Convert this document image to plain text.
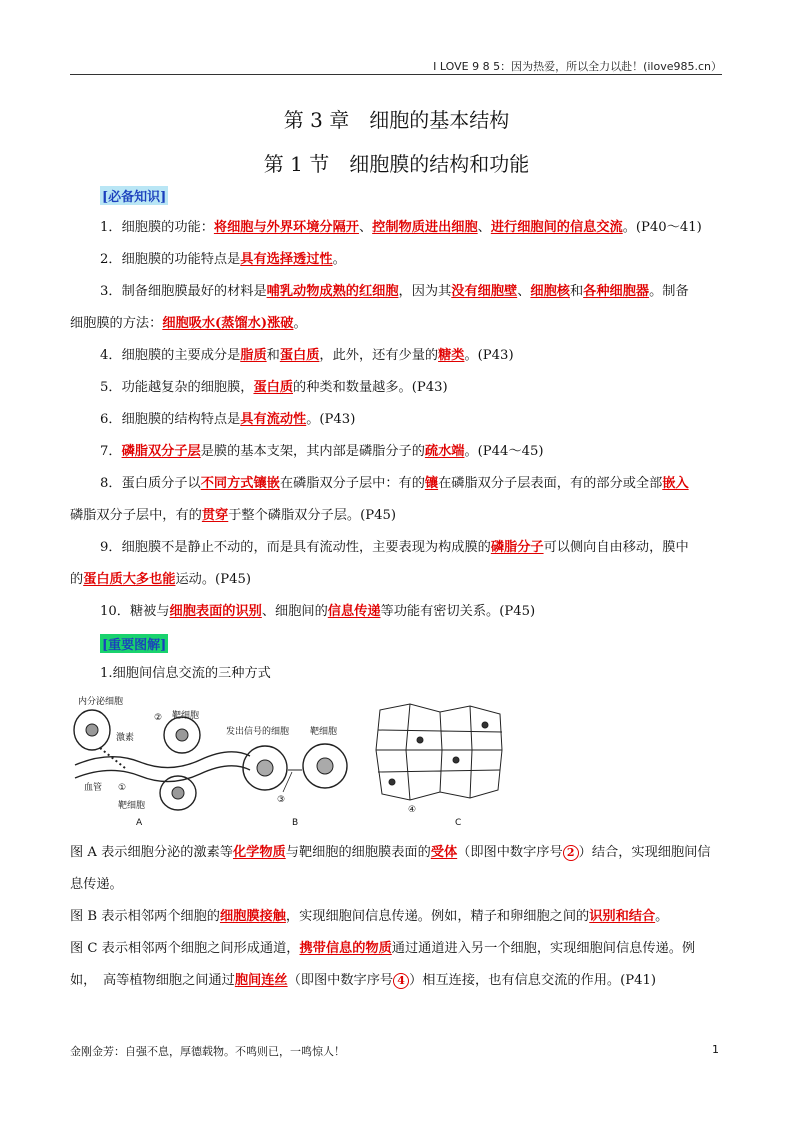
I LOVE 9 8 5：因为热爱，所以全力以赴！(ilove985.cn）
第 3 章　细胞的基本结构
第 1 节　细胞膜的结构和功能
[必备知识]
1．细胞膜的功能：将细胞与外界环境分隔开、控制物质进出细胞、进行细胞间的信息交流。(P40～41)
2．细胞膜的功能特点是具有选择透过性。
3．制备细胞膜最好的材料是哺乳动物成熟的红细胞，因为其没有细胞壁、细胞核和各种细胞器。制备
细胞膜的方法：细胞吸水(蒸馏水)涨破。
4．细胞膜的主要成分是脂质和蛋白质，此外，还有少量的糖类。(P43)
5．功能越复杂的细胞膜，蛋白质的种类和数量越多。(P43)
6．细胞膜的结构特点是具有流动性。(P43)
7．磷脂双分子层是膜的基本支架，其内部是磷脂分子的疏水端。(P44～45)
8．蛋白质分子以不同方式镶嵌在磷脂双分子层中：有的镶在磷脂双分子层表面，有的部分或全部嵌入
磷脂双分子层中，有的贯穿于整个磷脂双分子层。(P45)
9．细胞膜不是静止不动的，而是具有流动性，主要表现为构成膜的磷脂分子可以侧向自由移动，膜中
的蛋白质大多也能运动。(P45)
10．糖被与细胞表面的识别、细胞间的信息传递等功能有密切关系。(P45)
[重要图解]
1.细胞间信息交流的三种方式
内分泌细胞
激素
② 靶细胞
①
血管
靶细胞
A
发出信号的细胞 靶细胞
③
B
④
C
图 A 表示细胞分泌的激素等化学物质与靶细胞的细胞膜表面的受体（即图中数字序号 2 ）结合，实现细胞间信
息传递。
图 B 表示相邻两个细胞的细胞膜接触，实现细胞间信息传递。例如，精子和卵细胞之间的识别和结合。
图 C 表示相邻两个细胞之间形成通道，携带信息的物质通过通道进入另一个细胞，实现细胞间信息传递。例
如，　高等植物细胞之间通过胞间连丝（即图中数字序号 4 ）相互连接，也有信息交流的作用。(P41)
金刚金芳：自强不息，厚德载物。不鸣则已，一鸣惊人！	1
